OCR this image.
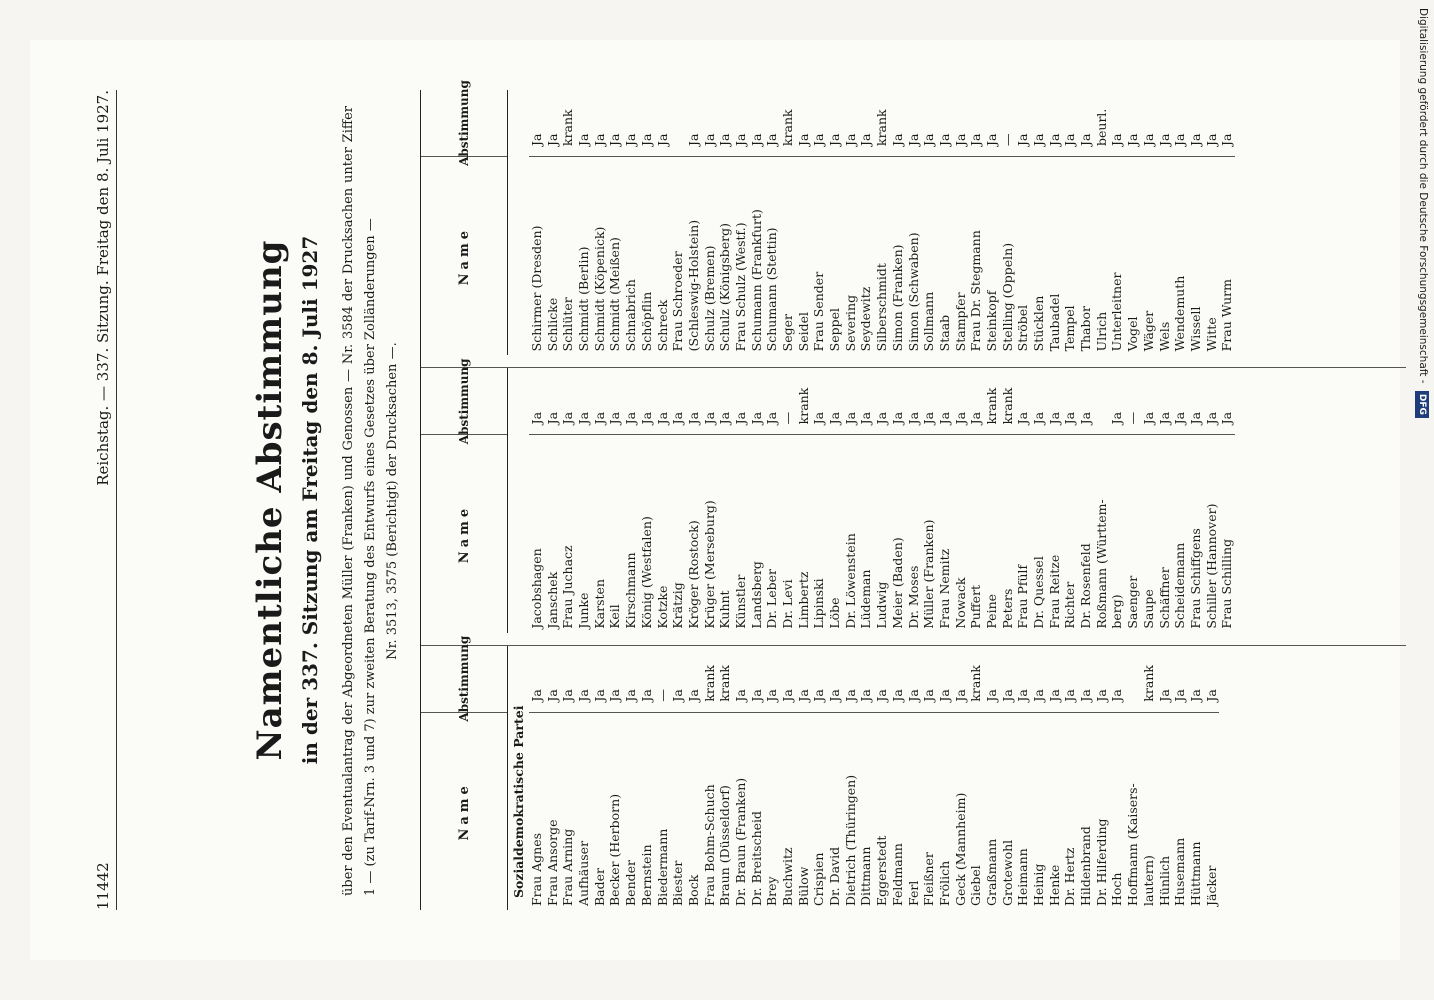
11442
Reichstag. — 337. Sitzung. Freitag den 8. Juli 1927.	Namentliche Abstimmung in der 337. Sitzung am Freitag den 8. Juli 1927 über den Eventualantrag der Abgeordneten Müller (Franken) und Genossen — Nr. 3584 der Drucksachen unter Ziffer 1 — (zu Tarif-Nrn. 3 und 7) zur zweiten Beratung des Entwurfs eines Gesetzes über Zolländerungen — Nr. 3513, 3575 (Berichtigt) der Drucksachen —.
Name
Abstimmung
Sozialdemokratische Partei Frau Agnes
Ja
Frau Ansorge
Ja
Frau Arning
Ja
Aufhäuser
Ja
Bader
Ja
Becker (Herborn)
Ja
Bender
Ja
Bernstein
Ja
Biedermann
—
Biester
Ja
Bock
Ja
Frau Bohm-Schuch
krank
Braun (Düsseldorf)
krank
Dr. Braun (Franken)
Ja
Dr. Breitscheid
Ja
Brey
Ja
Buchwitz
Ja
Bülow
Ja
Crispien
Ja
Dr. David
Ja
Dietrich (Thüringen)
Ja
Dittmann
Ja
Eggerstedt
Ja
Feldmann
Ja
Ferl
Ja
Fleißner
Ja
Frölich
Ja
Geck (Mannheim)
Ja
Giebel
krank
Graßmann
Ja
Grotewohl
Ja
Heimann
Ja
Heinig
Ja
Henke
Ja
Dr. Hertz
Ja
Hildenbrand
Ja
Dr. Hilferding
Ja
Hoch
Ja
Hoffmann (Kaisers- lautern)
krank
Hünlich
Ja
Husemann
Ja
Hüttmann
Ja
Jäcker
Ja
Name
Abstimmung
Jacobshagen
Ja
Janschek
Ja
Frau Juchacz
Ja
Junke
Ja
Karsten
Ja
Keil
Ja
Kirschmann
Ja
König (Westfalen)
Ja
Kotzke
Ja
Krätzig
Ja
Kröger (Rostock)
Ja
Krüger (Merseburg)
Ja
Kuhnt
Ja
Künstler
Ja
Landsberg
Ja
Dr. Leber
Ja
Dr. Levi
—
Limbertz
krank
Lipinski
Ja
Löbe
Ja
Dr. Löwenstein
Ja
Lüdeman
Ja
Ludwig
Ja
Meier (Baden)
Ja
Dr. Moses
Ja
Müller (Franken)
Ja
Frau Nemitz
Ja
Nowack
Ja
Puffert
Ja
Peine
krank
Peters
krank
Frau Pfülf
Ja
Dr. Quessel
Ja
Frau Reitze
Ja
Richter
Ja
Dr. Rosenfeld
Ja
Roßmann (Württem- berg)
Ja
Saenger
—
Saupe
Ja
Schäffner
Ja
Scheidemann
Ja
Frau Schiffgens
Ja
Schiller (Hannover)
Ja
Frau Schilling
Ja
Name
Abstimmung
Schirmer (Dresden)
Ja
Schlicke
Ja
Schlüter
krank
Schmidt (Berlin)
Ja
Schmidt (Köpenick)
Ja
Schmidt (Meißen)
Ja
Schnabrich
Ja
Schöpflin
Ja
Schreck
Ja
Frau Schroeder (Schleswig-Holstein)
Ja
Schulz (Bremen)
Ja
Schulz (Königsberg)
Ja
Frau Schulz (Westf.)
Ja
Schumann (Frankfurt)
Ja
Schumann (Stettin)
Ja
Seger
krank
Seidel
Ja
Frau Sender
Ja
Seppel
Ja
Severing
Ja
Seydewitz
Ja
Silberschmidt
krank
Simon (Franken)
Ja
Simon (Schwaben)
Ja
Sollmann
Ja
Staab
Ja
Stampfer
Ja
Frau Dr. Stegmann
Ja
Steinkopf
Ja
Stelling (Oppeln)
—
Ströbel
Ja
Stücklen
Ja
Taubadel
Ja
Tempel
Ja
Thabor
Ja
Ulrich
beurl.
Unterleitner
Ja
Vogel
Ja
Wäger
Ja
Wels
Ja
Wendemuth
Ja
Wissell
Ja
Witte
Ja
Frau Wurm
Ja	Digitalisierung gefördert durch die Deutsche Forschungsgemeinschaft - DFG
